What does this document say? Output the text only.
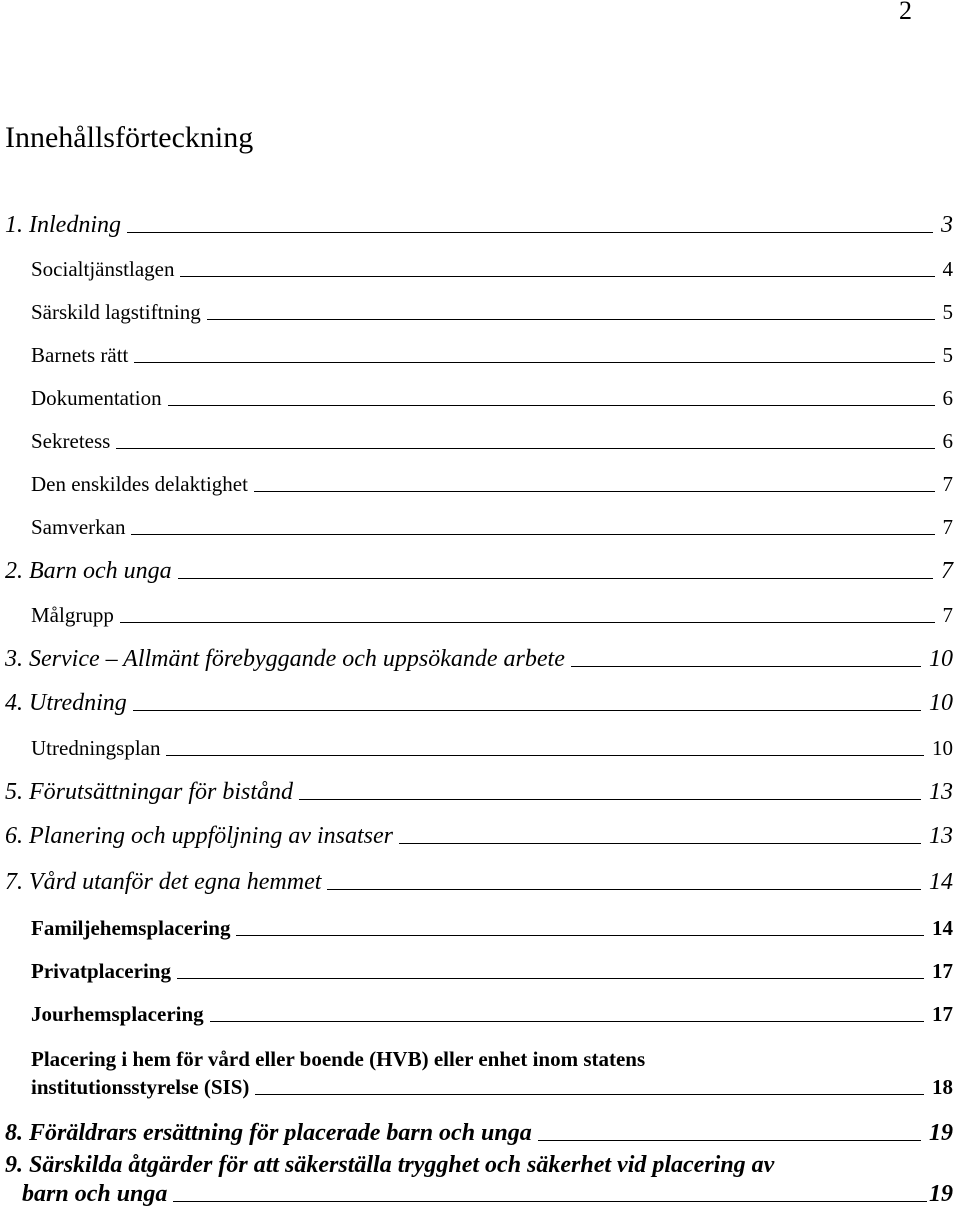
2
Innehållsförteckning
1. Inledning	3
Socialtjänstlagen	4
Särskild lagstiftning	5
Barnets rätt	5
Dokumentation	6
Sekretess	6
Den enskildes delaktighet	7
Samverkan	7
2. Barn och unga	7
Målgrupp	7
3. Service – Allmänt förebyggande och uppsökande arbete	10
4. Utredning	10
Utredningsplan	10
5. Förutsättningar för bistånd	13
6. Planering och uppföljning av insatser	13
7. Vård utanför det egna hemmet	14
Familjehemsplacering	14
Privatplacering	17
Jourhemsplacering	17
Placering i hem för vård eller boende (HVB) eller enhet inom statens
institutionsstyrelse (SIS)	18
8. Föräldrars ersättning för placerade barn och unga	19
9. Särskilda åtgärder för att säkerställa trygghet och säkerhet vid placering av
barn och unga	19
